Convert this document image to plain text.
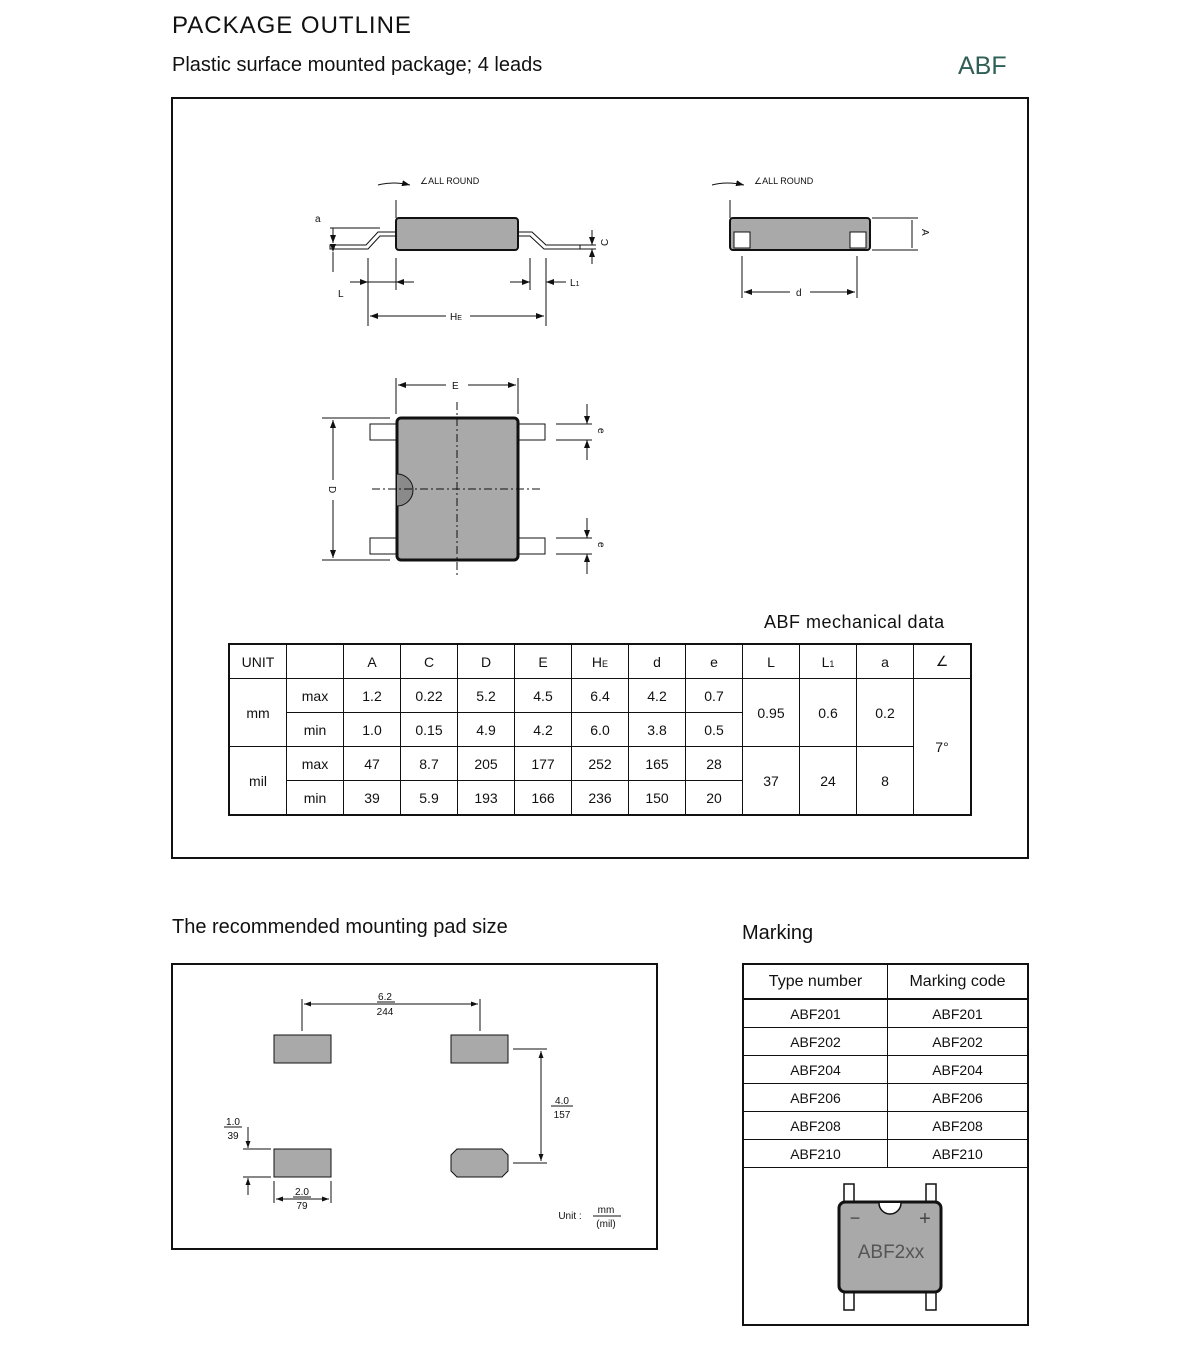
PACKAGE OUTLINE
Plastic surface mounted package; 4 leads	ABF
∠ALL ROUND	∠ALL ROUND
a
L
HE
L1
C
A
d
E
D
e
e
ABF mechanical data
UNIT		A	C	D	E	HE	d	e	L	L1	a	∠
mm	max	1.2	0.22	5.2	4.5	6.4	4.2	0.7	0.95	0.6	0.2	7°
	min	1.0	0.15	4.9	4.2	6.0	3.8	0.5				
mil	max	47	8.7	205	177	252	165	28	37	24	8	
	min	39	5.9	193	166	236	150	20				
The recommended mounting pad size
6.2
244
4.0
157
1.0
39
2.0
79
Unit :
mm
(mil)
Marking
Type number	Marking code
ABF201	ABF201
ABF202	ABF202
ABF204	ABF204
ABF206	ABF206
ABF208	ABF208
ABF210	ABF210
−	+
ABF2xx
